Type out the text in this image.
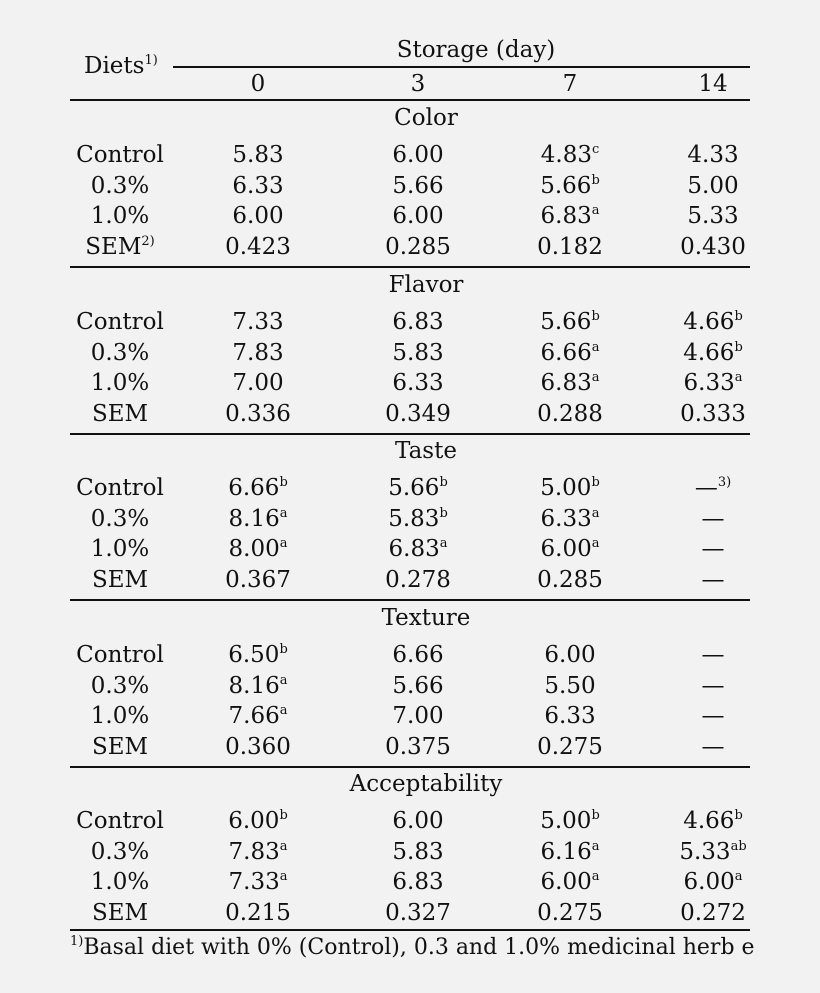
Diets$^{1)}$	Storage (day)
0	3	7	14
Color
Control	5.83	6.00	4.83$^c$	4.33
0.3%	6.33	5.66	5.66$^b$	5.00
1.0%	6.00	6.00	6.83$^a$	5.33
SEM$^{2)}$	0.423	0.285	0.182	0.430
Flavor
Control	7.33	6.83	5.66$^b$	4.66$^b$
0.3%	7.83	5.83	6.66$^a$	4.66$^b$
1.0%	7.00	6.33	6.83$^a$	6.33$^a$
SEM	0.336	0.349	0.288	0.333
Taste
Control	6.66$^b$	5.66$^b$	5.00$^b$	—$^{3)}$
0.3%	8.16$^a$	5.83$^b$	6.33$^a$	—
1.0%	8.00$^a$	6.83$^a$	6.00$^a$	—
SEM	0.367	0.278	0.285	—
Texture
Control	6.50$^b$	6.66	6.00	—
0.3%	8.16$^a$	5.66	5.50	—
1.0%	7.66$^a$	7.00	6.33	—
SEM	0.360	0.375	0.275	—
Acceptability
Control	6.00$^b$	6.00	5.00$^b$	4.66$^b$
0.3%	7.83$^a$	5.83	6.16$^a$	5.33$^{ab}$
1.0%	7.33$^a$	6.83	6.00$^a$	6.00$^a$
SEM	0.215	0.327	0.275	0.272
$^{1)}$Basal diet with 0% (Control), 0.3 and 1.0% medicinal herb e
